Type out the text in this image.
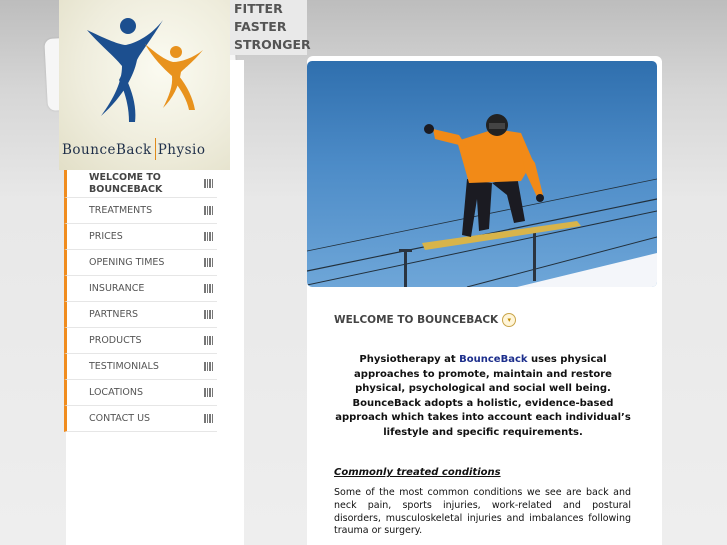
BounceBack Physio
FITTER
FASTER
STRONGER
WELCOME TO
BOUNCEBACK
TREATMENTS
PRICES
OPENING TIMES
INSURANCE
PARTNERS
PRODUCTS
TESTIMONIALS
LOCATIONS
CONTACT US
WELCOME TO BOUNCEBACK	▾
Physiotherapy at BounceBack uses physical approaches to promote, maintain and restore physical, psychological and social well being. BounceBack adopts a holistic, evidence-based approach which takes into account each individual’s lifestyle and specific requirements.
Commonly treated conditions
Some of the most common conditions we see are back and neck pain, sports injuries, work-related and postural disorders, musculoskeletal injuries and imbalances following trauma or surgery.
